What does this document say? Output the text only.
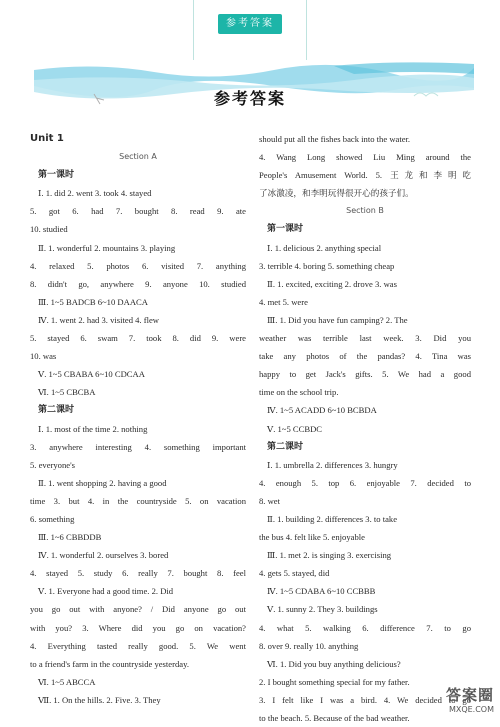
参考答案
参考答案
Unit 1
Section A
第一课时
Ⅰ. 1. did 2. went 3. took 4. stayed
5. got 6. had 7. bought 8. read 9. ate
10. studied
Ⅱ. 1. wonderful 2. mountains 3. playing
4. relaxed 5. photos 6. visited 7. anything
8. didn't go, anywhere 9. anyone 10. studied
Ⅲ. 1~5 BADCB 6~10 DAACA
Ⅳ. 1. went 2. had 3. visited 4. flew
5. stayed 6. swam 7. took 8. did 9. were
10. was
Ⅴ. 1~5 CBABA 6~10 CDCAA
Ⅵ. 1~5 CBCBA
第二课时
Ⅰ. 1. most of the time 2. nothing
3. anywhere interesting 4. something important
5. everyone's
Ⅱ. 1. went shopping 2. having a good
time 3. but 4. in the countryside 5. on vacation
6. something
Ⅲ. 1~6 CBBDDB
Ⅳ. 1. wonderful 2. ourselves 3. bored
4. stayed 5. study 6. really 7. bought 8. feel
Ⅴ. 1. Everyone had a good time. 2. Did
you go out with anyone? / Did anyone go out
with you? 3. Where did you go on vacation?
4. Everything tasted really good. 5. We went
to a friend's farm in the countryside yesterday.
Ⅵ. 1~5 ABCCA
Ⅶ. 1. On the hills. 2. Five. 3. They
should put all the fishes back into the water.
4. Wang Long showed Liu Ming around the
People's Amusement World. 5. 王龙和李明吃
了冰激凌，和李明玩得很开心的孩子们。
Section B
第一课时
Ⅰ. 1. delicious 2. anything special
3. terrible 4. boring 5. something cheap
Ⅱ. 1. excited, exciting 2. drove 3. was
4. met 5. were
Ⅲ. 1. Did you have fun camping? 2. The
weather was terrible last week. 3. Did you
take any photos of the pandas? 4. Tina was
happy to get Jack's gifts. 5. We had a good
time on the school trip.
Ⅳ. 1~5 ACADD 6~10 BCBDA
Ⅴ. 1~5 CCBDC
第二课时
Ⅰ. 1. umbrella 2. differences 3. hungry
4. enough 5. top 6. enjoyable 7. decided to
8. wet
Ⅱ. 1. building 2. differences 3. to take
the bus 4. felt like 5. enjoyable
Ⅲ. 1. met 2. is singing 3. exercising
4. gets 5. stayed, did
Ⅳ. 1~5 CDABA 6~10 CCBBB
Ⅴ. 1. sunny 2. They 3. buildings
4. what 5. walking 6. difference 7. to go
8. over 9. really 10. anything
Ⅵ. 1. Did you buy anything delicious?
2. I bought something special for my father.
3. I felt like I was a bird. 4. We decided to go
to the beach. 5. Because of the bad weather.
答案圈
MXQE.COM
